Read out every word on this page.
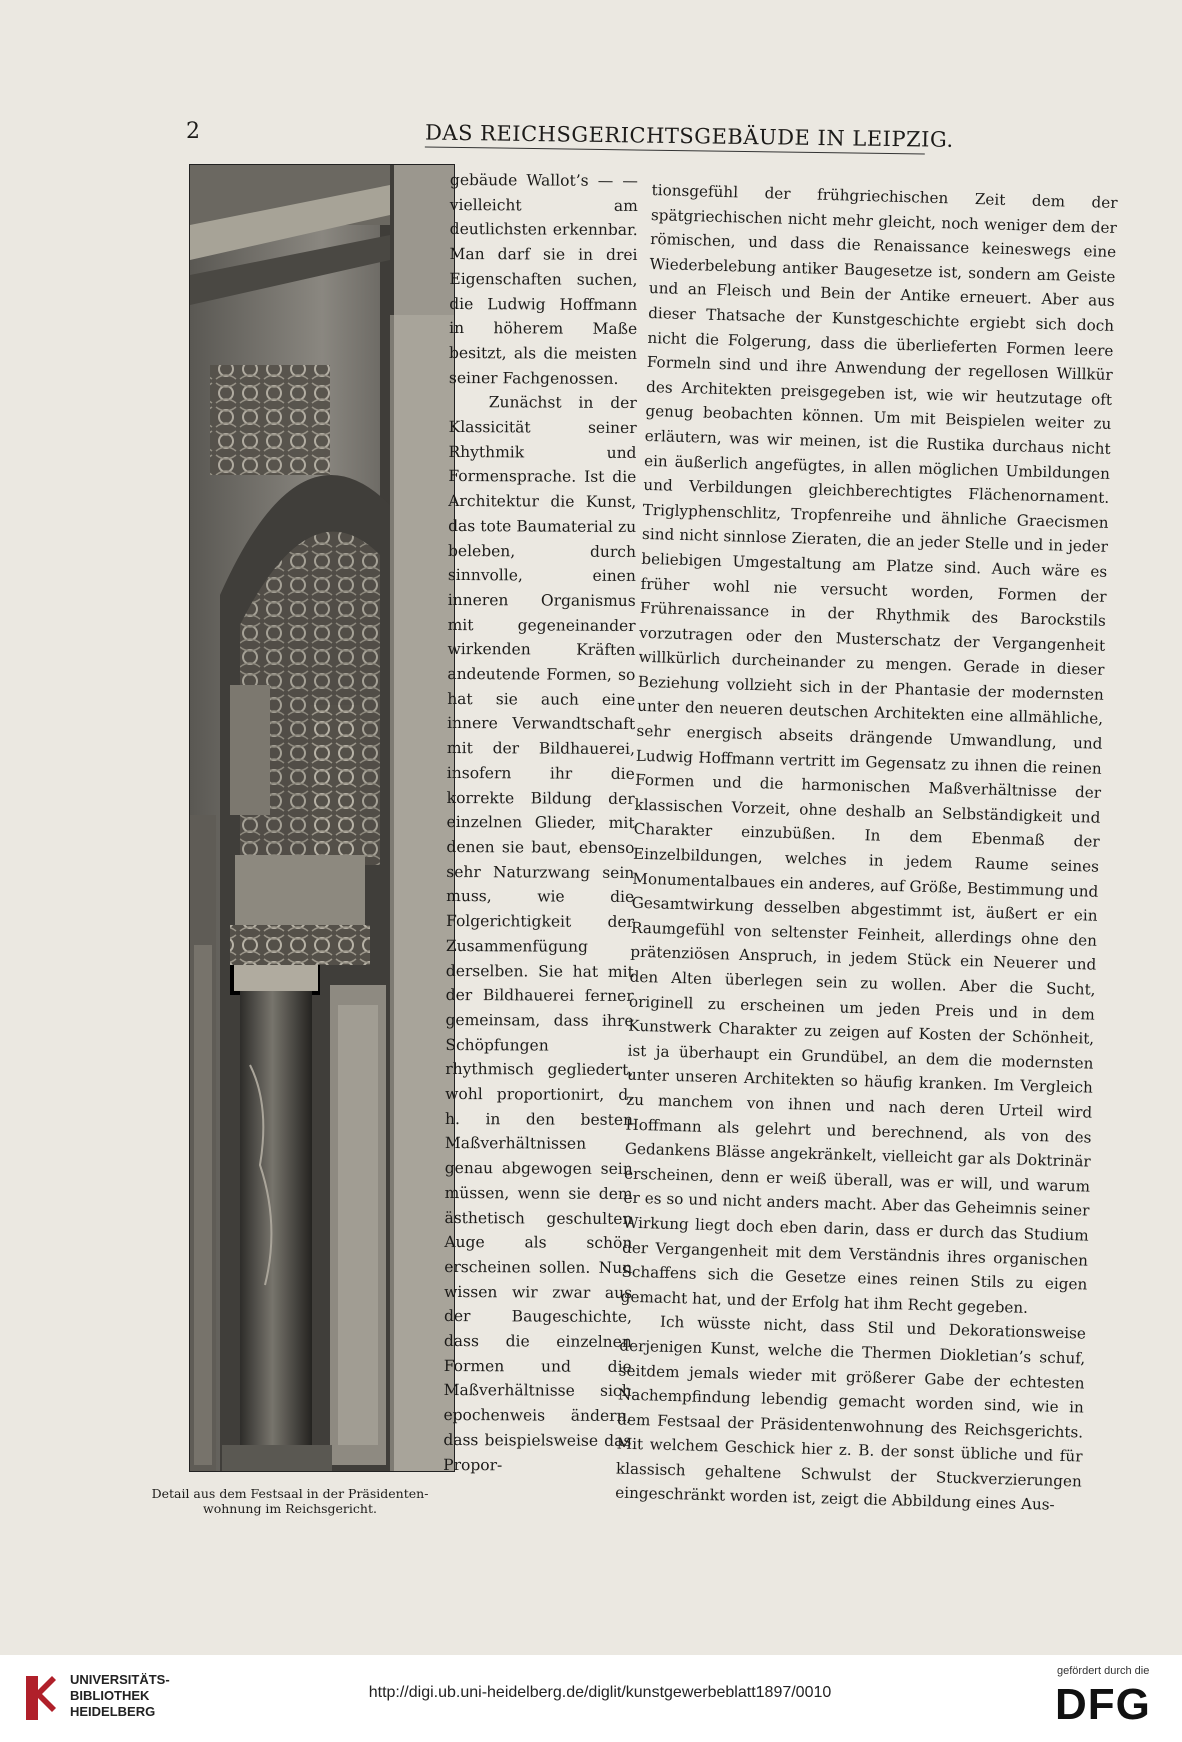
2	DAS REICHSGERICHTSGEBÄUDE IN LEIPZIG.
Detail aus dem Festsaal in der Präsidenten-wohnung im Reichsgericht.

gebäude Wallot’s — — vielleicht am deutlichsten erkennbar. Man darf sie in drei Eigenschaften suchen, die Ludwig Hoffmann in höherem Maße besitzt, als die meisten seiner Fachgenossen.

Zunächst in der Klassicität seiner Rhythmik und Formensprache. Ist die Architektur die Kunst, das tote Baumaterial zu beleben, durch sinnvolle, einen inneren Organismus mit gegeneinander wirkenden Kräften andeutende Formen, so hat sie auch eine innere Verwandtschaft mit der Bildhauerei, insofern ihr die korrekte Bildung der einzelnen Glieder, mit denen sie baut, ebenso sehr Naturzwang sein muss, wie die Folgerichtigkeit der Zusammenfügung derselben. Sie hat mit der Bildhauerei ferner gemeinsam, dass ihre Schöpfungen rhythmisch gegliedert, wohl proportionirt, d. h. in den besten Maßverhältnissen genau abgewogen sein müssen, wenn sie dem ästhetisch geschulten Auge als schön erscheinen sollen. Nun wissen wir zwar aus der Baugeschichte, dass die einzelnen Formen und die Maßverhältnisse sich epochenweis ändern, dass beispielsweise das Propor-

tionsgefühl der frühgriechischen Zeit dem der spätgriechischen nicht mehr gleicht, noch weniger dem der römischen, und dass die Renaissance keineswegs eine Wiederbelebung antiker Baugesetze ist, sondern am Geiste und an Fleisch und Bein der Antike erneuert. Aber aus dieser Thatsache der Kunstgeschichte ergiebt sich doch nicht die Folgerung, dass die überlieferten Formen leere Formeln sind und ihre Anwendung der regellosen Willkür des Architekten preisgegeben ist, wie wir heutzutage oft genug beobachten können. Um mit Beispielen weiter zu erläutern, was wir meinen, ist die Rustika durchaus nicht ein äußerlich angefügtes, in allen möglichen Umbildungen und Verbildungen gleichberechtigtes Flächenornament. Triglyphenschlitz, Tropfenreihe und ähnliche Graecismen sind nicht sinnlose Zieraten, die an jeder Stelle und in jeder beliebigen Umgestaltung am Platze sind. Auch wäre es früher wohl nie versucht worden, Formen der Frührenaissance in der Rhythmik des Barockstils vorzutragen oder den Musterschatz der Vergangenheit willkürlich durcheinander zu mengen. Gerade in dieser Beziehung vollzieht sich in der Phantasie der modernsten unter den neueren deutschen Architekten eine allmähliche, sehr energisch abseits drängende Umwandlung, und Ludwig Hoffmann vertritt im Gegensatz zu ihnen die reinen Formen und die harmonischen Maßverhältnisse der klassischen Vorzeit, ohne deshalb an Selbständigkeit und Charakter einzubüßen. In dem Ebenmaß der Einzelbildungen, welches in jedem Raume seines Monumentalbaues ein anderes, auf Größe, Bestimmung und Gesamtwirkung desselben abgestimmt ist, äußert er ein Raumgefühl von seltenster Feinheit, allerdings ohne den prätenziösen Anspruch, in jedem Stück ein Neuerer und den Alten überlegen sein zu wollen. Aber die Sucht, originell zu erscheinen um jeden Preis und in dem Kunstwerk Charakter zu zeigen auf Kosten der Schönheit, ist ja überhaupt ein Grundübel, an dem die modernsten unter unseren Architekten so häufig kranken. Im Vergleich zu manchem von ihnen und nach deren Urteil wird Hoffmann als gelehrt und berechnend, als von des Gedankens Blässe angekränkelt, vielleicht gar als Doktrinär erscheinen, denn er weiß überall, was er will, und warum er es so und nicht anders macht. Aber das Geheimnis seiner Wirkung liegt doch eben darin, dass er durch das Studium der Vergangenheit mit dem Verständnis ihres organischen Schaffens sich die Gesetze eines reinen Stils zu eigen gemacht hat, und der Erfolg hat ihm Recht gegeben.

Ich wüsste nicht, dass Stil und Dekorationsweise derjenigen Kunst, welche die Thermen Diokletian’s schuf, seitdem jemals wieder mit größerer Gabe der echtesten Nachempfindung lebendig gemacht worden sind, wie in dem Festsaal der Präsidentenwohnung des Reichsgerichts. Mit welchem Geschick hier z. B. der sonst übliche und für klassisch gehaltene Schwulst der Stuckverzierungen eingeschränkt worden ist, zeigt die Abbildung eines Aus-

UNIVERSITÄTS-
BIBLIOTHEK
HEIDELBERG
http://digi.ub.uni-heidelberg.de/diglit/kunstgewerbeblatt1897/0010
gefördert durch die
DFG
